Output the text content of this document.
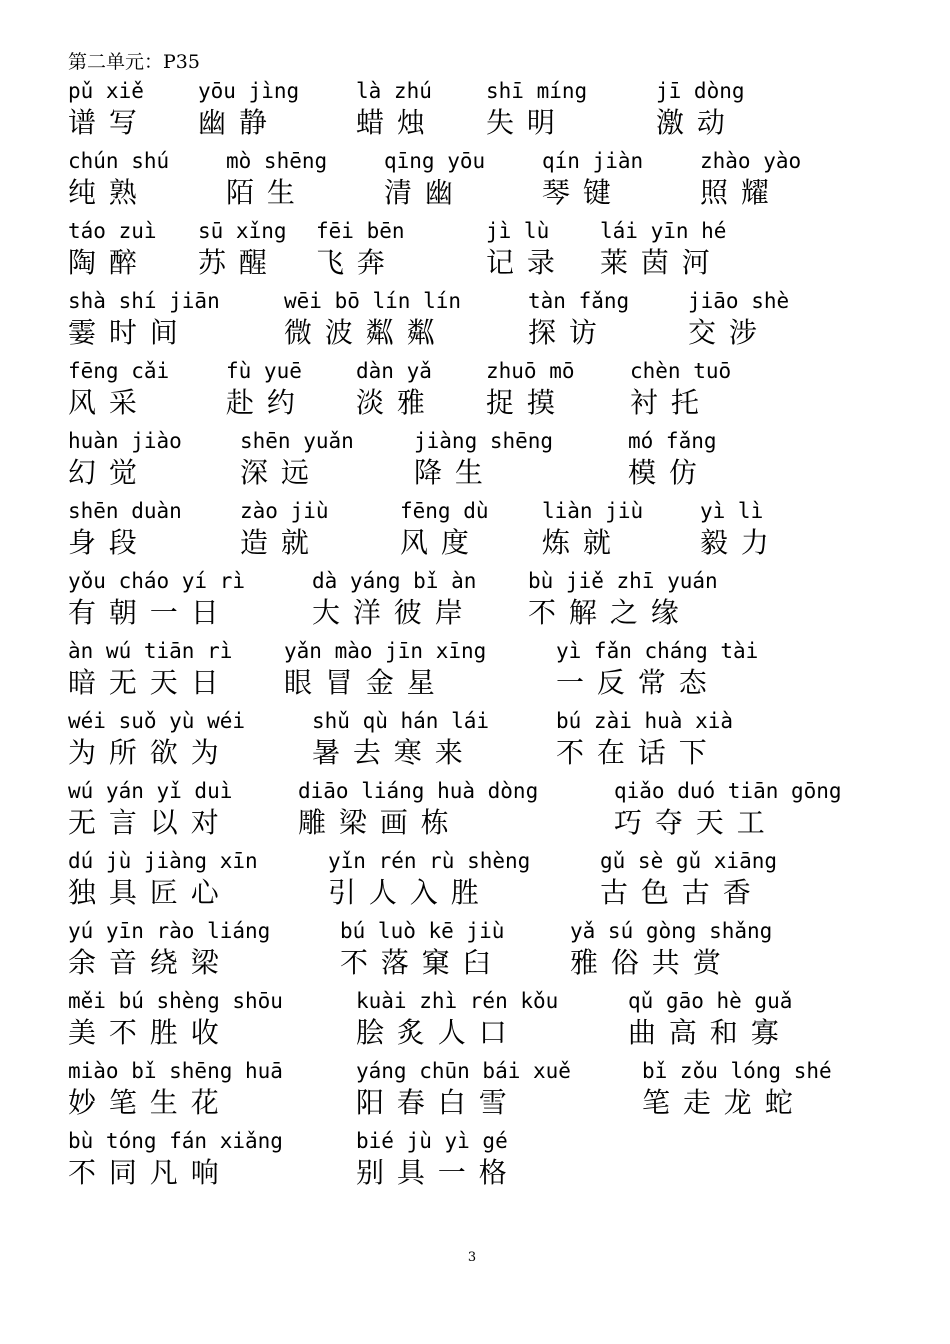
第二单元：P35
pǔ xiě
谱 写
yōu jìng
幽 静
là zhú
蜡 烛
shī míng
失 明
jī dòng
激 动
chún shú
纯 熟
mò shēng
陌 生
qīng yōu
清 幽
qín jiàn
琴 键
zhào yào
照 耀
táo zuì
陶 醉
sū xǐng
苏 醒
fēi bēn
飞 奔
jì lù
记 录
lái yīn hé
莱 茵 河
shà shí jiān
霎 时 间
wēi bō lín lín
微 波 粼 粼
tàn fǎng
探 访
jiāo shè
交 涉
fēng cǎi
风 采
fù yuē
赴 约
dàn yǎ
淡 雅
zhuō mō
捉 摸
chèn tuō
衬 托
huàn jiào
幻 觉
shēn yuǎn
深 远
jiàng shēng
降 生
mó fǎng
模 仿
shēn duàn
身 段
zào jiù
造 就
fēng dù
风 度
liàn jiù
炼 就
yì lì
毅 力
yǒu cháo yí rì
有 朝 一 日
dà yáng bǐ àn
大 洋 彼 岸
bù jiě zhī yuán
不 解 之 缘
àn wú tiān rì
暗 无 天 日
yǎn mào jīn xīng
眼 冒 金 星
yì fǎn cháng tài
一 反 常 态
wéi suǒ yù wéi
为 所 欲 为
shǔ qù hán lái
暑 去 寒 来
bú zài huà xià
不 在 话 下
wú yán yǐ duì
无 言 以 对
diāo liáng huà dòng
雕 梁 画 栋
qiǎo duó tiān gōng
巧 夺 天 工
dú jù jiàng xīn
独 具 匠 心
yǐn rén rù shèng
引 人 入 胜
gǔ sè gǔ xiāng
古 色 古 香
yú yīn rào liáng
余 音 绕 梁
bú luò kē jiù
不 落 窠 臼
yǎ sú gòng shǎng
雅 俗 共 赏
měi bú shèng shōu
美 不 胜 收
kuài zhì rén kǒu
脍 炙 人 口
qǔ gāo hè guǎ
曲 高 和 寡
miào bǐ shēng huā
妙 笔 生 花
yáng chūn bái xuě
阳 春 白 雪
bǐ zǒu lóng shé
笔 走 龙 蛇
bù tóng fán xiǎng
不 同 凡 响
bié jù yì gé
别 具 一 格
3
